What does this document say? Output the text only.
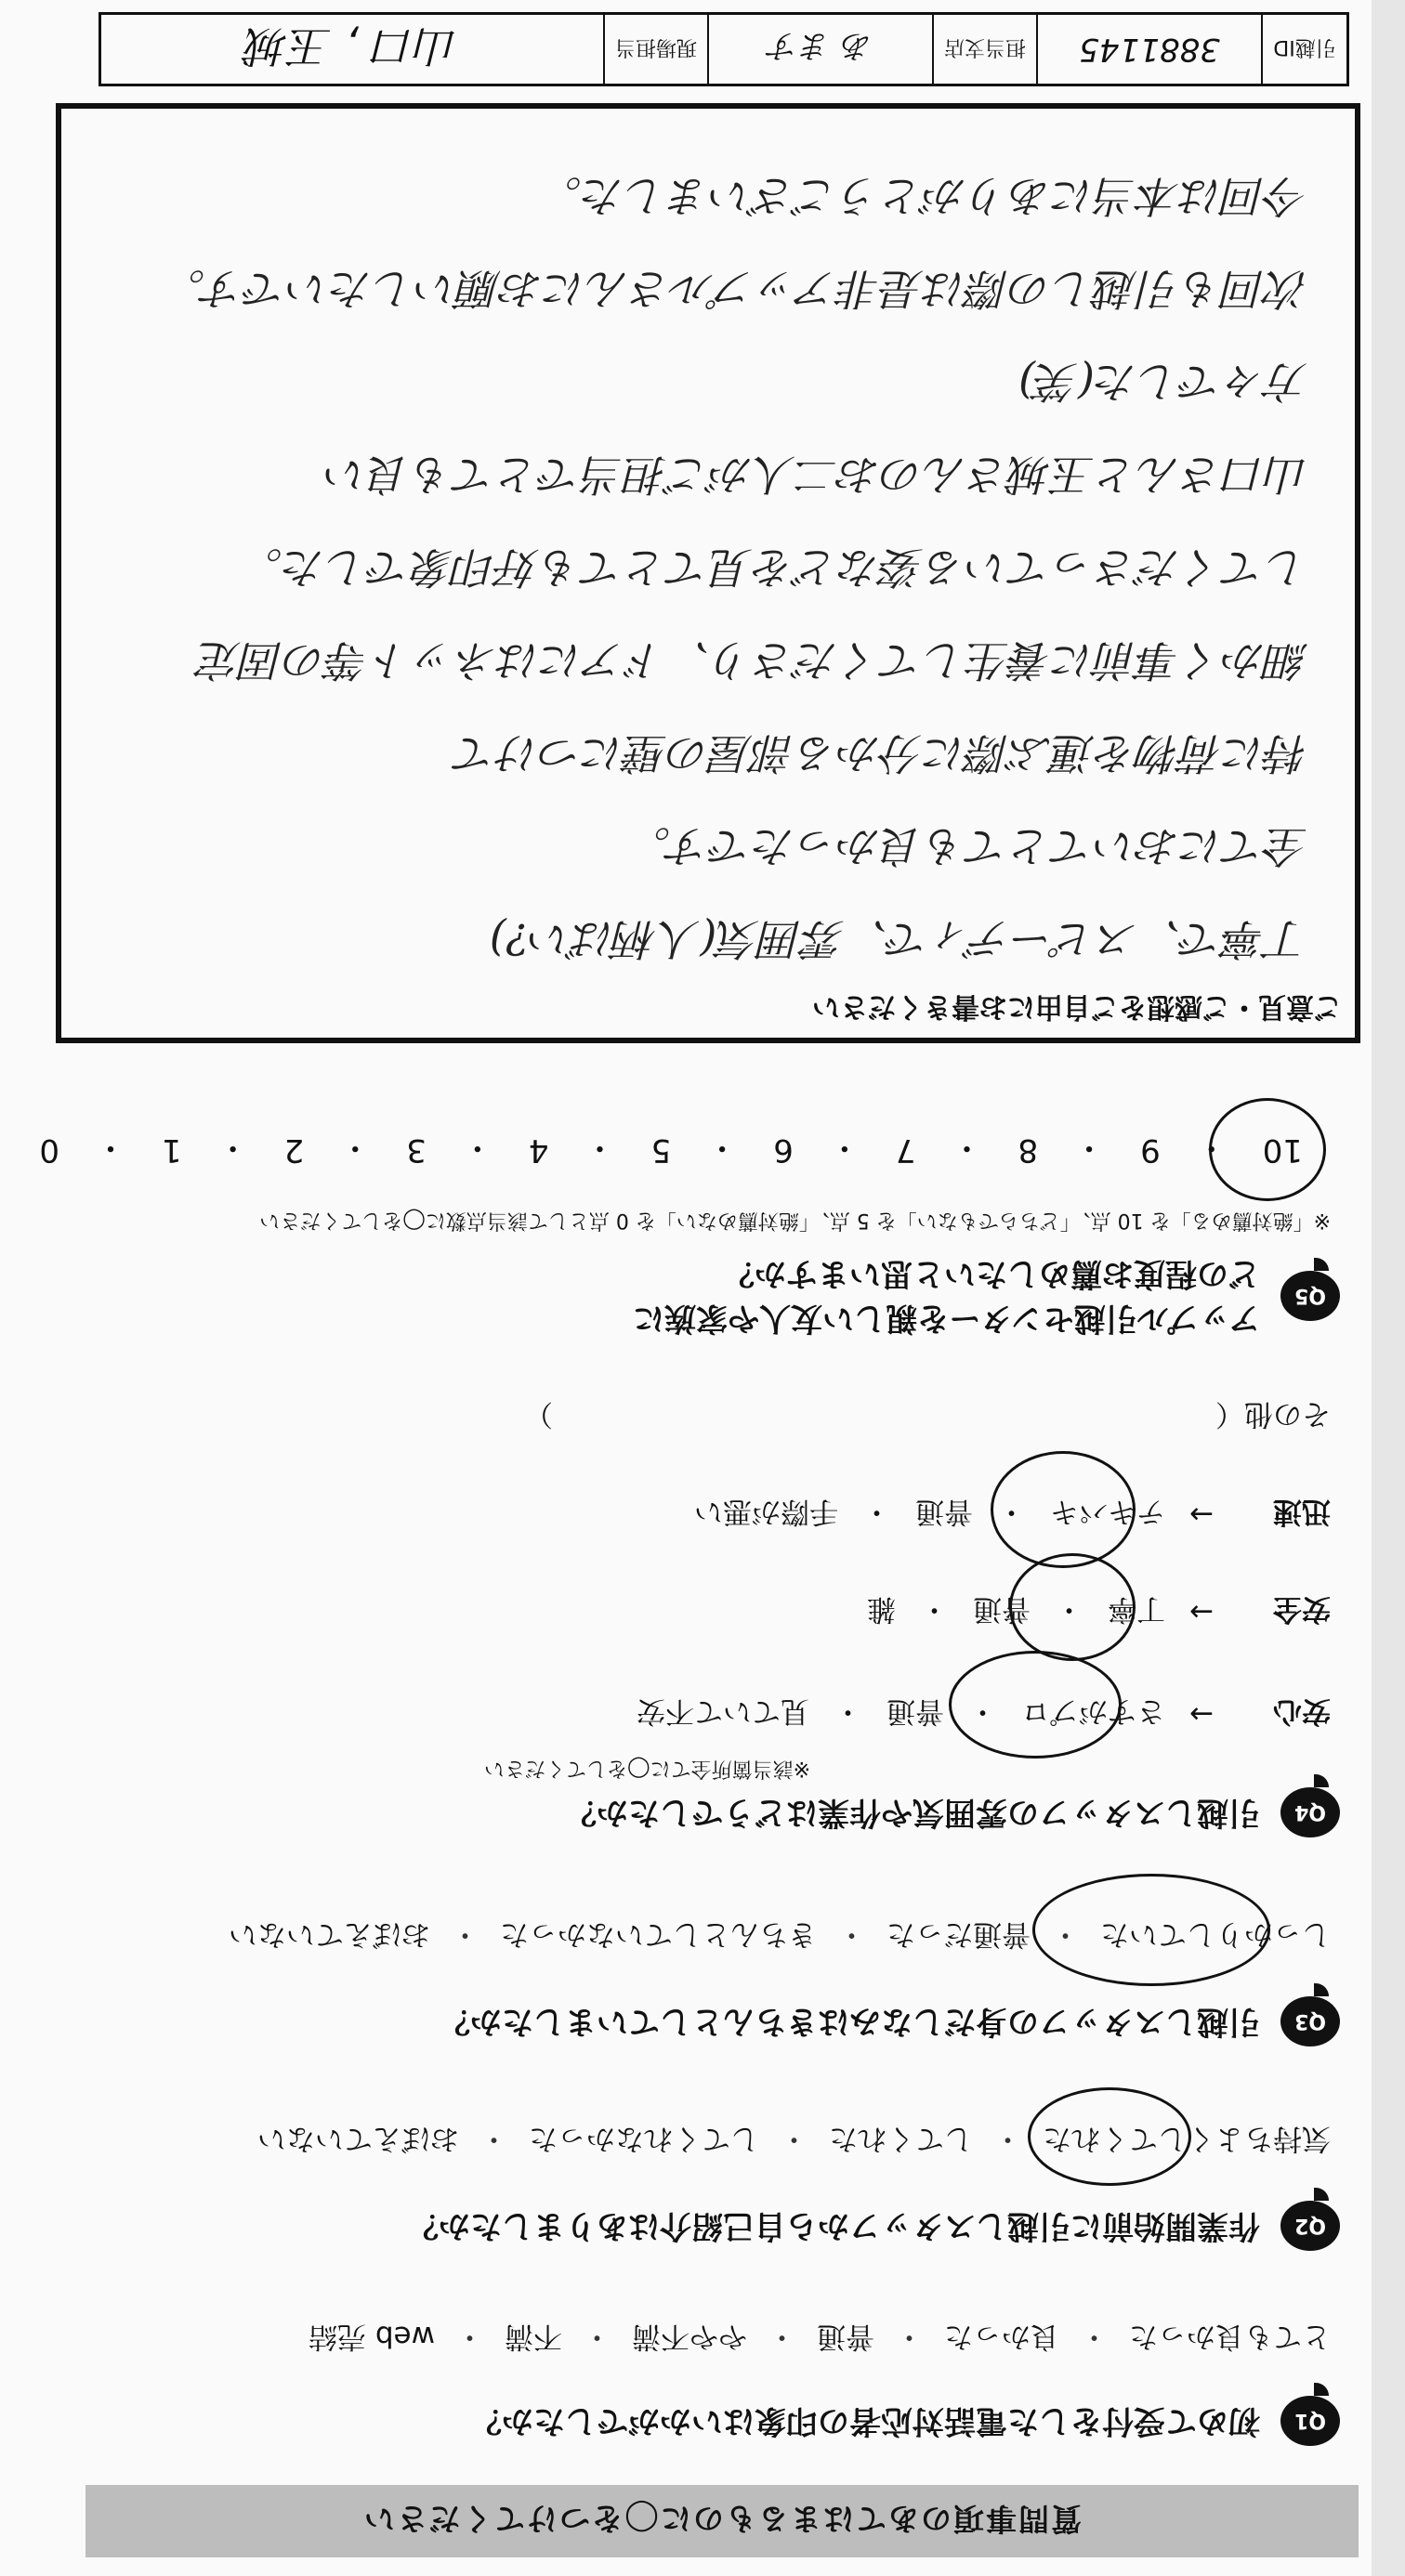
質問事項のあてはまるものに◯をつけてください
Q1
初めて受付をした電話対応者の印象はいかがでしたか？
とても良かった
・
良かった
・
普通
・
やや不満
・
不満
・
web 売結
Q2
作業開始前に引越しスタッフから自己紹介はありましたか？
気持ちよくしてくれた
・
してくれた
・
してくれなかった
・
おぼえていない
Q3
引越しスタッフの身だしなみはきちんとしていましたか？
しっかりしていた
・
普通だった
・
きちんとしていなかった
・
おぼえていない
Q4
引越しスタッフの雰囲気や作業はどうでしたか？
※該当箇所全てに◯をしてください
安心
→
さすがプロ
・
普通
・
見ていて不安
安全
→
丁寧
・
普通
・
雑
迅速
→
テキパキ
・
普通
・
手際が悪い
その他（　　　　　　　　　　　　　　　　　　　　　　　）
Q5
アップル引越センターを親しい友人や家族に
どの程度お薦めしたいと思いますか？
※「絶対薦める」を 10 点、「どちらでもない」を 5 点、「絶対薦めない」を 0 点として該当点数に◯をしてください
10
・
9
・
8
・
7
・
6
・
5
・
4
・
3
・
2
・
1
・
0
ご意見・ご感想をご自由にお書きください
丁寧で、スピーディで、雰囲気(人柄ばい?)
全てにおいてとても良かったです。
特に荷物を運ぶ際に分かる部屋の壁につけて
細かく事前に養生してくださり、ドアにはネット等の固定
してくださっている姿などを見てとても好印象でした。
山口さんと玉城さんのお二人がご担当でとても良い
方々でした(笑)
次回も引越しの際は是非アップルさんにお願いしたいです。
今回は本当にありがとうございました。
引越ID
3881145
担当支店
あ ます
現場担当
山口 , 玉城
